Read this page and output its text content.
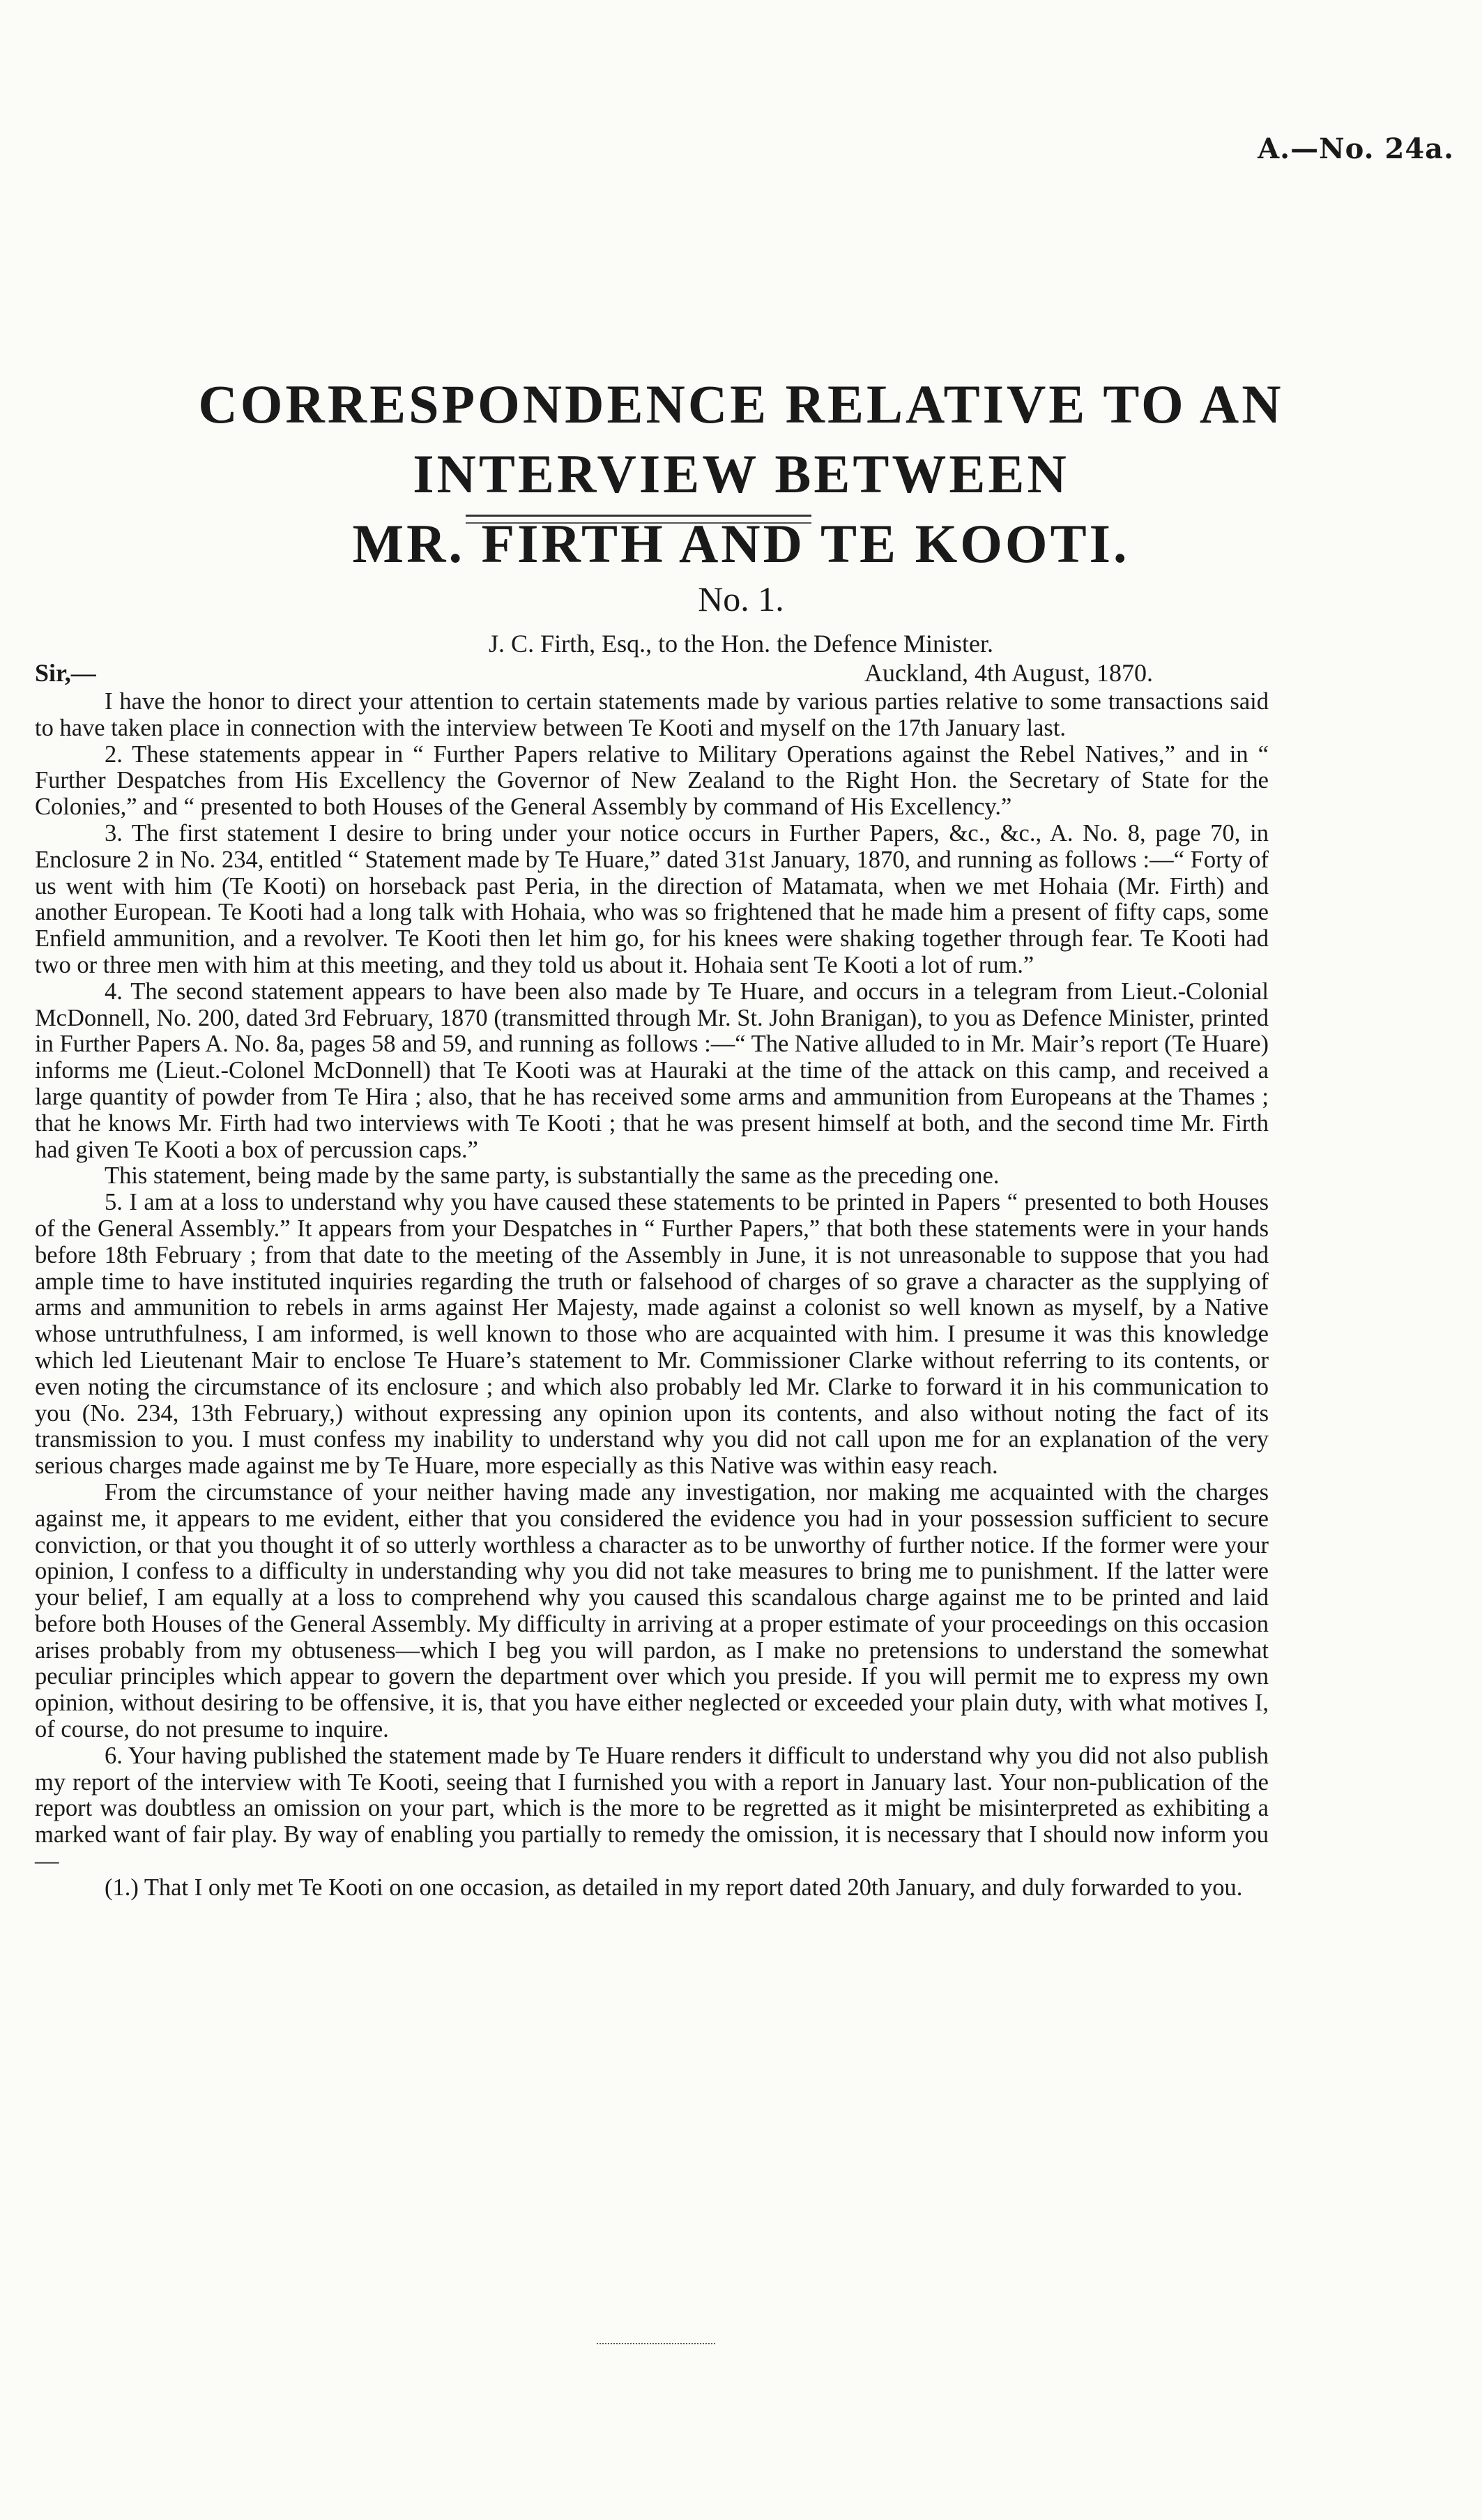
A.—No. 24a.
CORRESPONDENCE RELATIVE TO AN INTERVIEW BETWEEN
MR. FIRTH AND TE KOOTI.
No. 1.
J. C. Firth, Esq., to the Hon. the Defence Minister.
Sir,—	Auckland, 4th August, 1870.

I have the honor to direct your attention to certain statements made by various parties relative to some transactions said to have taken place in connection with the interview between Te Kooti and myself on the 17th January last.

2. These statements appear in “ Further Papers relative to Military Operations against the Rebel Natives,” and in “ Further Despatches from His Excellency the Governor of New Zealand to the Right Hon. the Secretary of State for the Colonies,” and “ presented to both Houses of the General Assembly by command of His Excellency.”

3. The first statement I desire to bring under your notice occurs in Further Papers, &c., &c., A. No. 8, page 70, in Enclosure 2 in No. 234, entitled “ Statement made by Te Huare,” dated 31st January, 1870, and running as follows :—“ Forty of us went with him (Te Kooti) on horseback past Peria, in the direction of Matamata, when we met Hohaia (Mr. Firth) and another European. Te Kooti had a long talk with Hohaia, who was so frightened that he made him a present of fifty caps, some Enfield ammunition, and a revolver. Te Kooti then let him go, for his knees were shaking together through fear. Te Kooti had two or three men with him at this meeting, and they told us about it. Hohaia sent Te Kooti a lot of rum.”

4. The second statement appears to have been also made by Te Huare, and occurs in a telegram from Lieut.-Colonial McDonnell, No. 200, dated 3rd February, 1870 (transmitted through Mr. St. John Branigan), to you as Defence Minister, printed in Further Papers A. No. 8a, pages 58 and 59, and running as follows :—“ The Native alluded to in Mr. Mair’s report (Te Huare) informs me (Lieut.-Colonel McDonnell) that Te Kooti was at Hauraki at the time of the attack on this camp, and received a large quantity of powder from Te Hira ; also, that he has received some arms and ammunition from Europeans at the Thames ; that he knows Mr. Firth had two interviews with Te Kooti ; that he was present himself at both, and the second time Mr. Firth had given Te Kooti a box of percussion caps.”

This statement, being made by the same party, is substantially the same as the preceding one.

5. I am at a loss to understand why you have caused these statements to be printed in Papers “ presented to both Houses of the General Assembly.” It appears from your Despatches in “ Further Papers,” that both these statements were in your hands before 18th February ; from that date to the meeting of the Assembly in June, it is not unreasonable to suppose that you had ample time to have instituted inquiries regarding the truth or falsehood of charges of so grave a character as the supplying of arms and ammunition to rebels in arms against Her Majesty, made against a colonist so well known as myself, by a Native whose untruthfulness, I am informed, is well known to those who are acquainted with him. I presume it was this knowledge which led Lieutenant Mair to enclose Te Huare’s statement to Mr. Commissioner Clarke without referring to its contents, or even noting the circumstance of its enclosure ; and which also probably led Mr. Clarke to forward it in his communication to you (No. 234, 13th February,) without expressing any opinion upon its contents, and also without noting the fact of its transmission to you. I must confess my inability to understand why you did not call upon me for an explanation of the very serious charges made against me by Te Huare, more especially as this Native was within easy reach.

From the circumstance of your neither having made any investigation, nor making me acquainted with the charges against me, it appears to me evident, either that you considered the evidence you had in your possession sufficient to secure conviction, or that you thought it of so utterly worthless a character as to be unworthy of further notice. If the former were your opinion, I confess to a difficulty in understanding why you did not take measures to bring me to punishment. If the latter were your belief, I am equally at a loss to comprehend why you caused this scandalous charge against me to be printed and laid before both Houses of the General Assembly. My difficulty in arriving at a proper estimate of your proceedings on this occasion arises probably from my obtuseness—which I beg you will pardon, as I make no pretensions to understand the somewhat peculiar principles which appear to govern the department over which you preside. If you will permit me to express my own opinion, without desiring to be offensive, it is, that you have either neglected or exceeded your plain duty, with what motives I, of course, do not presume to inquire.

6. Your having published the statement made by Te Huare renders it difficult to understand why you did not also publish my report of the interview with Te Kooti, seeing that I furnished you with a report in January last. Your non-publication of the report was doubtless an omission on your part, which is the more to be regretted as it might be misinterpreted as exhibiting a marked want of fair play. By way of enabling you partially to remedy the omission, it is necessary that I should now inform you—

(1.) That I only met Te Kooti on one occasion, as detailed in my report dated 20th January, and duly forwarded to you.
